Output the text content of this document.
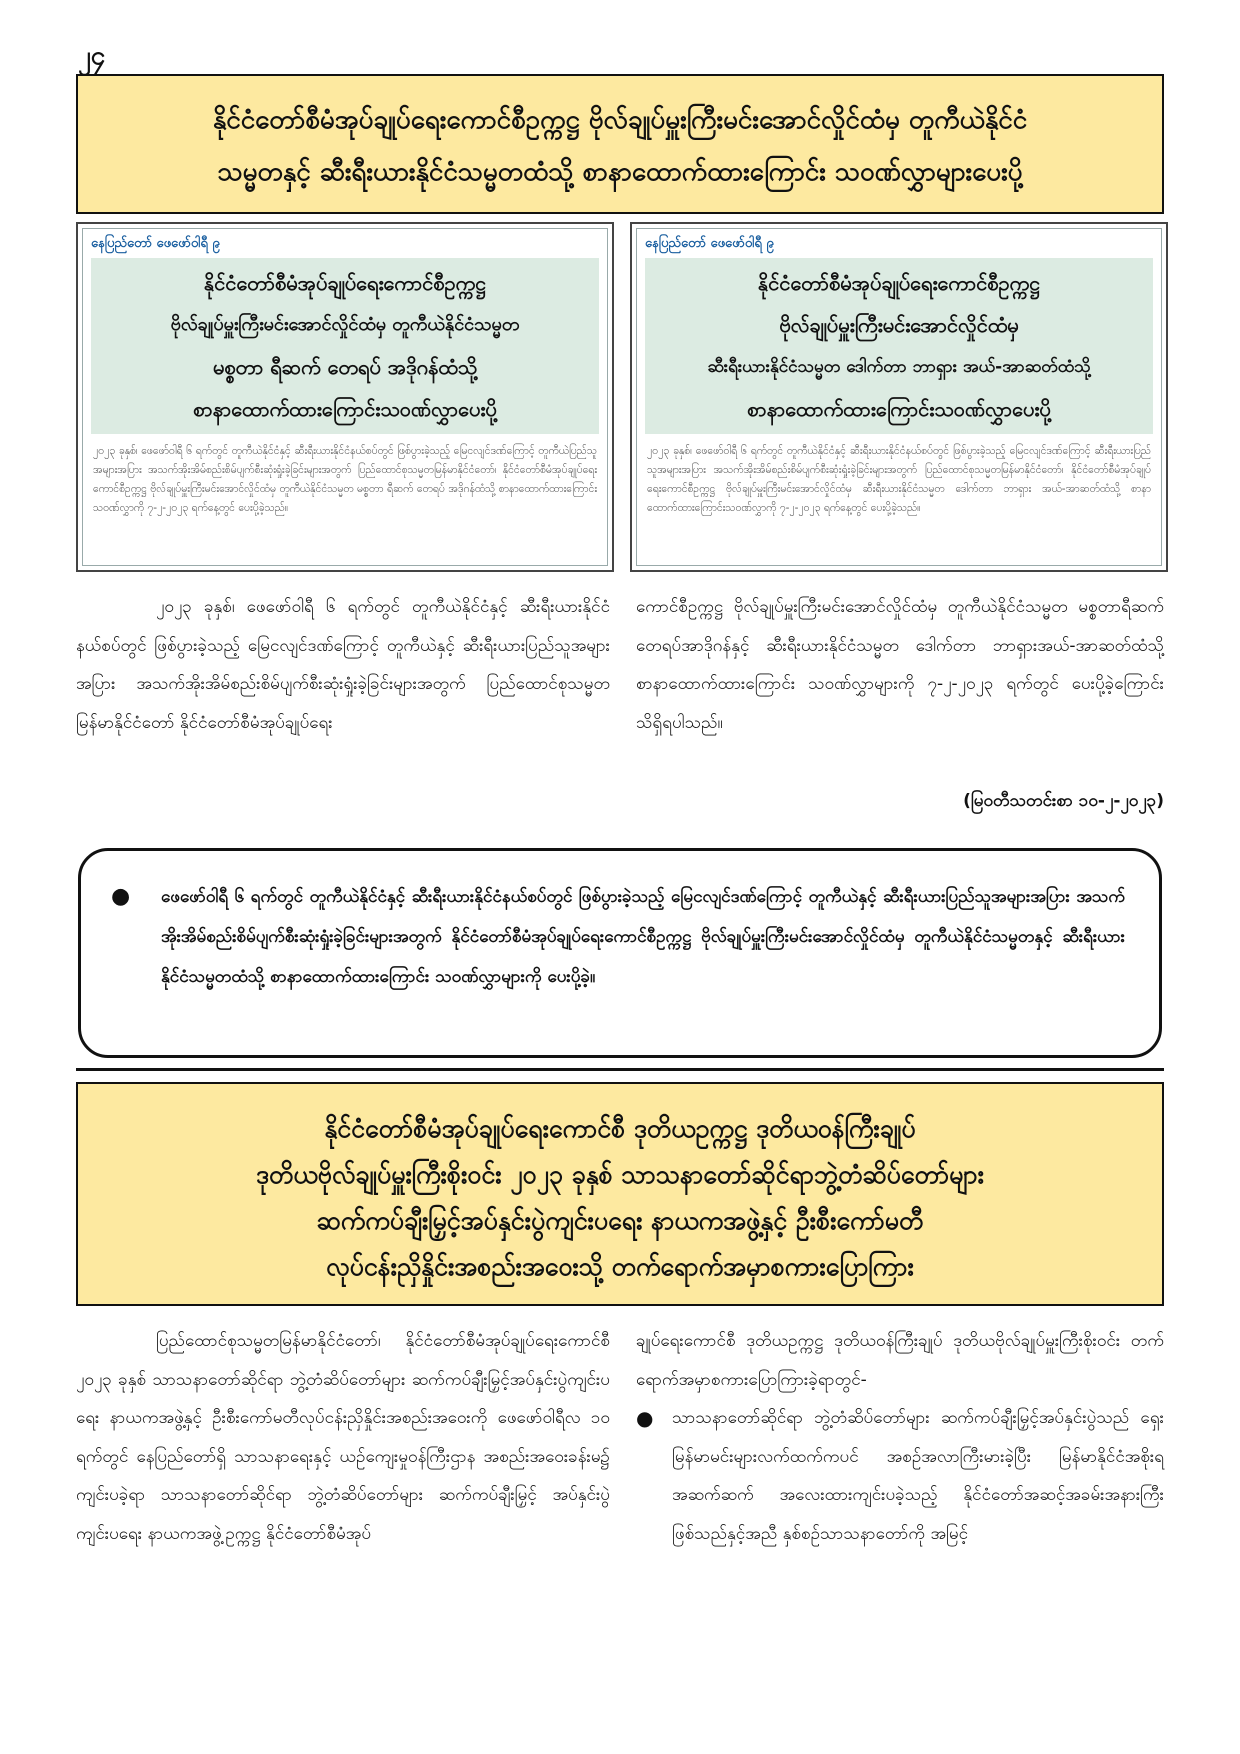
၂၄

နိုင်ငံတော်စီမံအုပ်ချုပ်ရေးကောင်စီဥက္ကဋ္ဌ ဗိုလ်ချုပ်မှူးကြီးမင်းအောင်လှိုင်ထံမှ တူကီယဲနိုင်ငံ

သမ္မတနှင့် ဆီးရီးယားနိုင်ငံသမ္မတထံသို့ စာနာထောက်ထားကြောင်း သဝဏ်လွှာများပေးပို့

နေပြည်တော် ဖေဖော်ဝါရီ ၉
နိုင်ငံတော်စီမံအုပ်ချုပ်ရေးကောင်စီဥက္ကဋ္ဌ
ဗိုလ်ချုပ်မှူးကြီးမင်းအောင်လှိုင်ထံမှ တူကီယဲနိုင်ငံသမ္မတ
မစ္စတာ ရီဆက် တေရပ် အဒိုဂန်ထံသို့
စာနာထောက်ထားကြောင်းသဝဏ်လွှာပေးပို့
၂၀၂၃ ခုနှစ်၊ ဖေဖော်ဝါရီ ၆ ရက်တွင် တူကီယဲနိုင်ငံနှင့် ဆီးရီးယားနိုင်ငံနယ်စပ်တွင် ဖြစ်ပွားခဲ့သည့် မြေငလျင်ဒဏ်ကြောင့် တူကီယဲပြည်သူအများအပြား အသက်အိုးအိမ်စည်းစိမ်ပျက်စီးဆုံးရှုံးခဲ့ခြင်းများအတွက် ပြည်ထောင်စုသမ္မတမြန်မာနိုင်ငံတော်၊ နိုင်ငံတော်စီမံအုပ်ချုပ်ရေးကောင်စီဥက္ကဋ္ဌ ဗိုလ်ချုပ်မှူးကြီးမင်းအောင်လှိုင်ထံမှ တူကီယဲနိုင်ငံသမ္မတ မစ္စတာ ရီဆက် တေရပ် အဒိုဂန်ထံသို့ စာနာထောက်ထားကြောင်း သဝဏ်လွှာကို ၇-၂-၂၀၂၃ ရက်နေ့တွင် ပေးပို့ခဲ့သည်။
နေပြည်တော် ဖေဖော်ဝါရီ ၉
နိုင်ငံတော်စီမံအုပ်ချုပ်ရေးကောင်စီဥက္ကဋ္ဌ
ဗိုလ်ချုပ်မှူးကြီးမင်းအောင်လှိုင်ထံမှ
ဆီးရီးယားနိုင်ငံသမ္မတ ဒေါက်တာ ဘာရှား အယ်-အာဆတ်ထံသို့
စာနာထောက်ထားကြောင်းသဝဏ်လွှာပေးပို့
၂၀၂၃ ခုနှစ်၊ ဖေဖော်ဝါရီ ၆ ရက်တွင် တူကီယဲနိုင်ငံနှင့် ဆီးရီးယားနိုင်ငံနယ်စပ်တွင် ဖြစ်ပွားခဲ့သည့် မြေငလျင်ဒဏ်ကြောင့် ဆီးရီးယားပြည်သူအများအပြား အသက်အိုးအိမ်စည်းစိမ်ပျက်စီးဆုံးရှုံးခဲ့ခြင်းများအတွက် ပြည်ထောင်စုသမ္မတမြန်မာနိုင်ငံတော်၊ နိုင်ငံတော်စီမံအုပ်ချုပ်ရေးကောင်စီဥက္ကဋ္ဌ ဗိုလ်ချုပ်မှူးကြီးမင်းအောင်လှိုင်ထံမှ ဆီးရီးယားနိုင်ငံသမ္မတ ဒေါက်တာ ဘာရှား အယ်-အာဆတ်ထံသို့ စာနာထောက်ထားကြောင်းသဝဏ်လွှာကို ၇-၂-၂၀၂၃ ရက်နေ့တွင် ပေးပို့ခဲ့သည်။

၂၀၂၃ ခုနှစ်၊ ဖေဖော်ဝါရီ ၆ ရက်တွင် တူကီယဲနိုင်ငံနှင့် ဆီးရီးယားနိုင်ငံနယ်စပ်တွင် ဖြစ်ပွားခဲ့သည့် မြေငလျင်ဒဏ်ကြောင့် တူကီယဲနှင့် ဆီးရီးယားပြည်သူအများအပြား အသက်အိုးအိမ်စည်းစိမ်ပျက်စီးဆုံးရှုံးခဲ့ခြင်းများအတွက် ပြည်ထောင်စုသမ္မတမြန်မာနိုင်ငံတော် နိုင်ငံတော်စီမံအုပ်ချုပ်ရေး

ကောင်စီဥက္ကဋ္ဌ ဗိုလ်ချုပ်မှူးကြီးမင်းအောင်လှိုင်ထံမှ တူကီယဲနိုင်ငံသမ္မတ မစ္စတာရီဆက်တေရပ်အာဒိုဂန်နှင့် ဆီးရီးယားနိုင်ငံသမ္မတ ဒေါက်တာ ဘာရှားအယ်-အာဆတ်ထံသို့ စာနာထောက်ထားကြောင်း သဝဏ်လွှာများကို ၇-၂-၂၀၂၃ ရက်တွင် ပေးပို့ခဲ့ကြောင်း သိရှိရပါသည်။

(မြဝတီသတင်းစာ ၁၀-၂-၂၀၂၃)
● ဖေဖော်ဝါရီ ၆ ရက်တွင် တူကီယဲနိုင်ငံနှင့် ဆီးရီးယားနိုင်ငံနယ်စပ်တွင် ဖြစ်ပွားခဲ့သည့် မြေငလျင်ဒဏ်ကြောင့် တူကီယဲနှင့် ဆီးရီးယားပြည်သူအများအပြား အသက်အိုးအိမ်စည်းစိမ်ပျက်စီးဆုံးရှုံးခဲ့ခြင်းများအတွက် နိုင်ငံတော်စီမံအုပ်ချုပ်ရေးကောင်စီဥက္ကဋ္ဌ ဗိုလ်ချုပ်မှူးကြီးမင်းအောင်လှိုင်ထံမှ တူကီယဲနိုင်ငံသမ္မတနှင့် ဆီးရီးယားနိုင်ငံသမ္မတထံသို့ စာနာထောက်ထားကြောင်း သဝဏ်လွှာများကို ပေးပို့ခဲ့။

နိုင်ငံတော်စီမံအုပ်ချုပ်ရေးကောင်စီ ဒုတိယဥက္ကဋ္ဌ ဒုတိယဝန်ကြီးချုပ်

ဒုတိယဗိုလ်ချုပ်မှူးကြီးစိုးဝင်း ၂၀၂၃ ခုနှစ် သာသနာတော်ဆိုင်ရာဘွဲ့တံဆိပ်တော်များ

ဆက်ကပ်ချီးမြှင့်အပ်နှင်းပွဲကျင်းပရေး နာယကအဖွဲ့နှင့် ဦးစီးကော်မတီ

လုပ်ငန်းညှိနှိုင်းအစည်းအဝေးသို့ တက်ရောက်အမှာစကားပြောကြား

ပြည်ထောင်စုသမ္မတမြန်မာနိုင်ငံတော်၊ နိုင်ငံတော်စီမံအုပ်ချုပ်ရေးကောင်စီ ၂၀၂၃ ခုနှစ် သာသနာတော်ဆိုင်ရာ ဘွဲ့တံဆိပ်တော်များ ဆက်ကပ်ချီးမြှင့်အပ်နှင်းပွဲကျင်းပရေး နာယကအဖွဲ့နှင့် ဦးစီးကော်မတီလုပ်ငန်းညှိနှိုင်းအစည်းအဝေးကို ဖေဖော်ဝါရီလ ၁၀ ရက်တွင် နေပြည်တော်ရှိ သာသနာရေးနှင့် ယဉ်ကျေးမှုဝန်ကြီးဌာန အစည်းအဝေးခန်းမ၌ ကျင်းပခဲ့ရာ သာသနာတော်ဆိုင်ရာ ဘွဲ့တံဆိပ်တော်များ ဆက်ကပ်ချီးမြှင့် အပ်နှင်းပွဲကျင်းပရေး နာယကအဖွဲ့ဥက္ကဋ္ဌ နိုင်ငံတော်စီမံအုပ်

ချုပ်ရေးကောင်စီ ဒုတိယဥက္ကဋ္ဌ ဒုတိယဝန်ကြီးချုပ် ဒုတိယဗိုလ်ချုပ်မှူးကြီးစိုးဝင်း တက်ရောက်အမှာစကားပြောကြားခဲ့ရာတွင်-

● သာသနာတော်ဆိုင်ရာ ဘွဲ့တံဆိပ်တော်များ ဆက်ကပ်ချီးမြှင့်အပ်နှင်းပွဲသည် ရှေးမြန်မာမင်းများလက်ထက်ကပင် အစဉ်အလာကြီးမားခဲ့ပြီး မြန်မာနိုင်ငံအစိုးရအဆက်ဆက် အလေးထားကျင်းပခဲ့သည့် နိုင်ငံတော်အဆင့်အခမ်းအနားကြီးဖြစ်သည်နှင့်အညီ နှစ်စဉ်သာသနာတော်ကို အမြင့်
